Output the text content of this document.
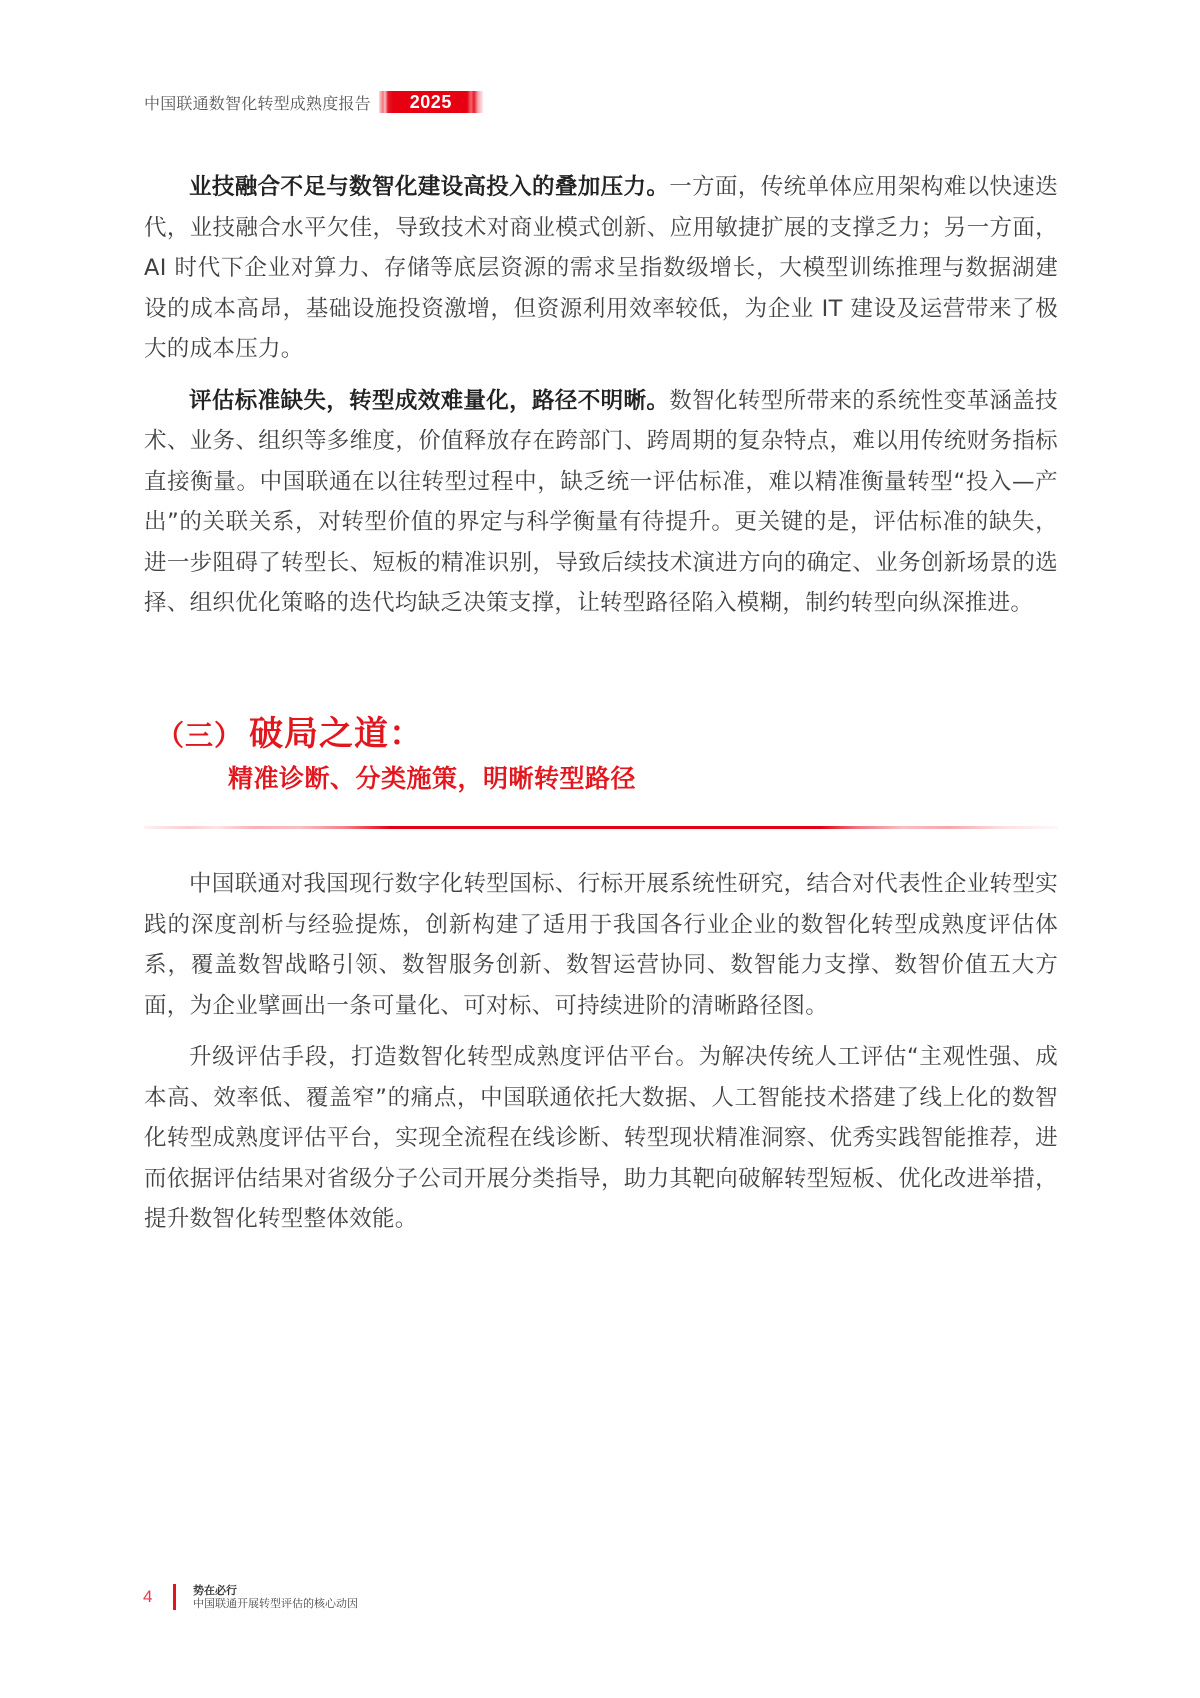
中国联通数智化转型成熟度报告 2025

业技融合不足与数智化建设高投入的叠加压力。一方面，传统单体应用架构难以快速迭代，业技融合水平欠佳，导致技术对商业模式创新、应用敏捷扩展的支撑乏力；另一方面，AI 时代下企业对算力、存储等底层资源的需求呈指数级增长，大模型训练推理与数据湖建设的成本高昂，基础设施投资激增，但资源利用效率较低，为企业 IT 建设及运营带来了极大的成本压力。

评估标准缺失，转型成效难量化，路径不明晰。数智化转型所带来的系统性变革涵盖技术、业务、组织等多维度，价值释放存在跨部门、跨周期的复杂特点，难以用传统财务指标直接衡量。中国联通在以往转型过程中，缺乏统一评估标准，难以精准衡量转型“投入—产出”的关联关系，对转型价值的界定与科学衡量有待提升。更关键的是，评估标准的缺失，进一步阻碍了转型长、短板的精准识别，导致后续技术演进方向的确定、业务创新场景的选择、组织优化策略的迭代均缺乏决策支撑，让转型路径陷入模糊，制约转型向纵深推进。

（三） 破局之道：
精准诊断、分类施策，明晰转型路径

中国联通对我国现行数字化转型国标、行标开展系统性研究，结合对代表性企业转型实践的深度剖析与经验提炼，创新构建了适用于我国各行业企业的数智化转型成熟度评估体系，覆盖数智战略引领、数智服务创新、数智运营协同、数智能力支撑、数智价值五大方面，为企业擘画出一条可量化、可对标、可持续进阶的清晰路径图。

升级评估手段，打造数智化转型成熟度评估平台。为解决传统人工评估“主观性强、成本高、效率低、覆盖窄”的痛点，中国联通依托大数据、人工智能技术搭建了线上化的数智化转型成熟度评估平台，实现全流程在线诊断、转型现状精准洞察、优秀实践智能推荐，进而依据评估结果对省级分子公司开展分类指导，助力其靶向破解转型短板、优化改进举措，提升数智化转型整体效能。

4	势在必行
中国联通开展转型评估的核心动因
